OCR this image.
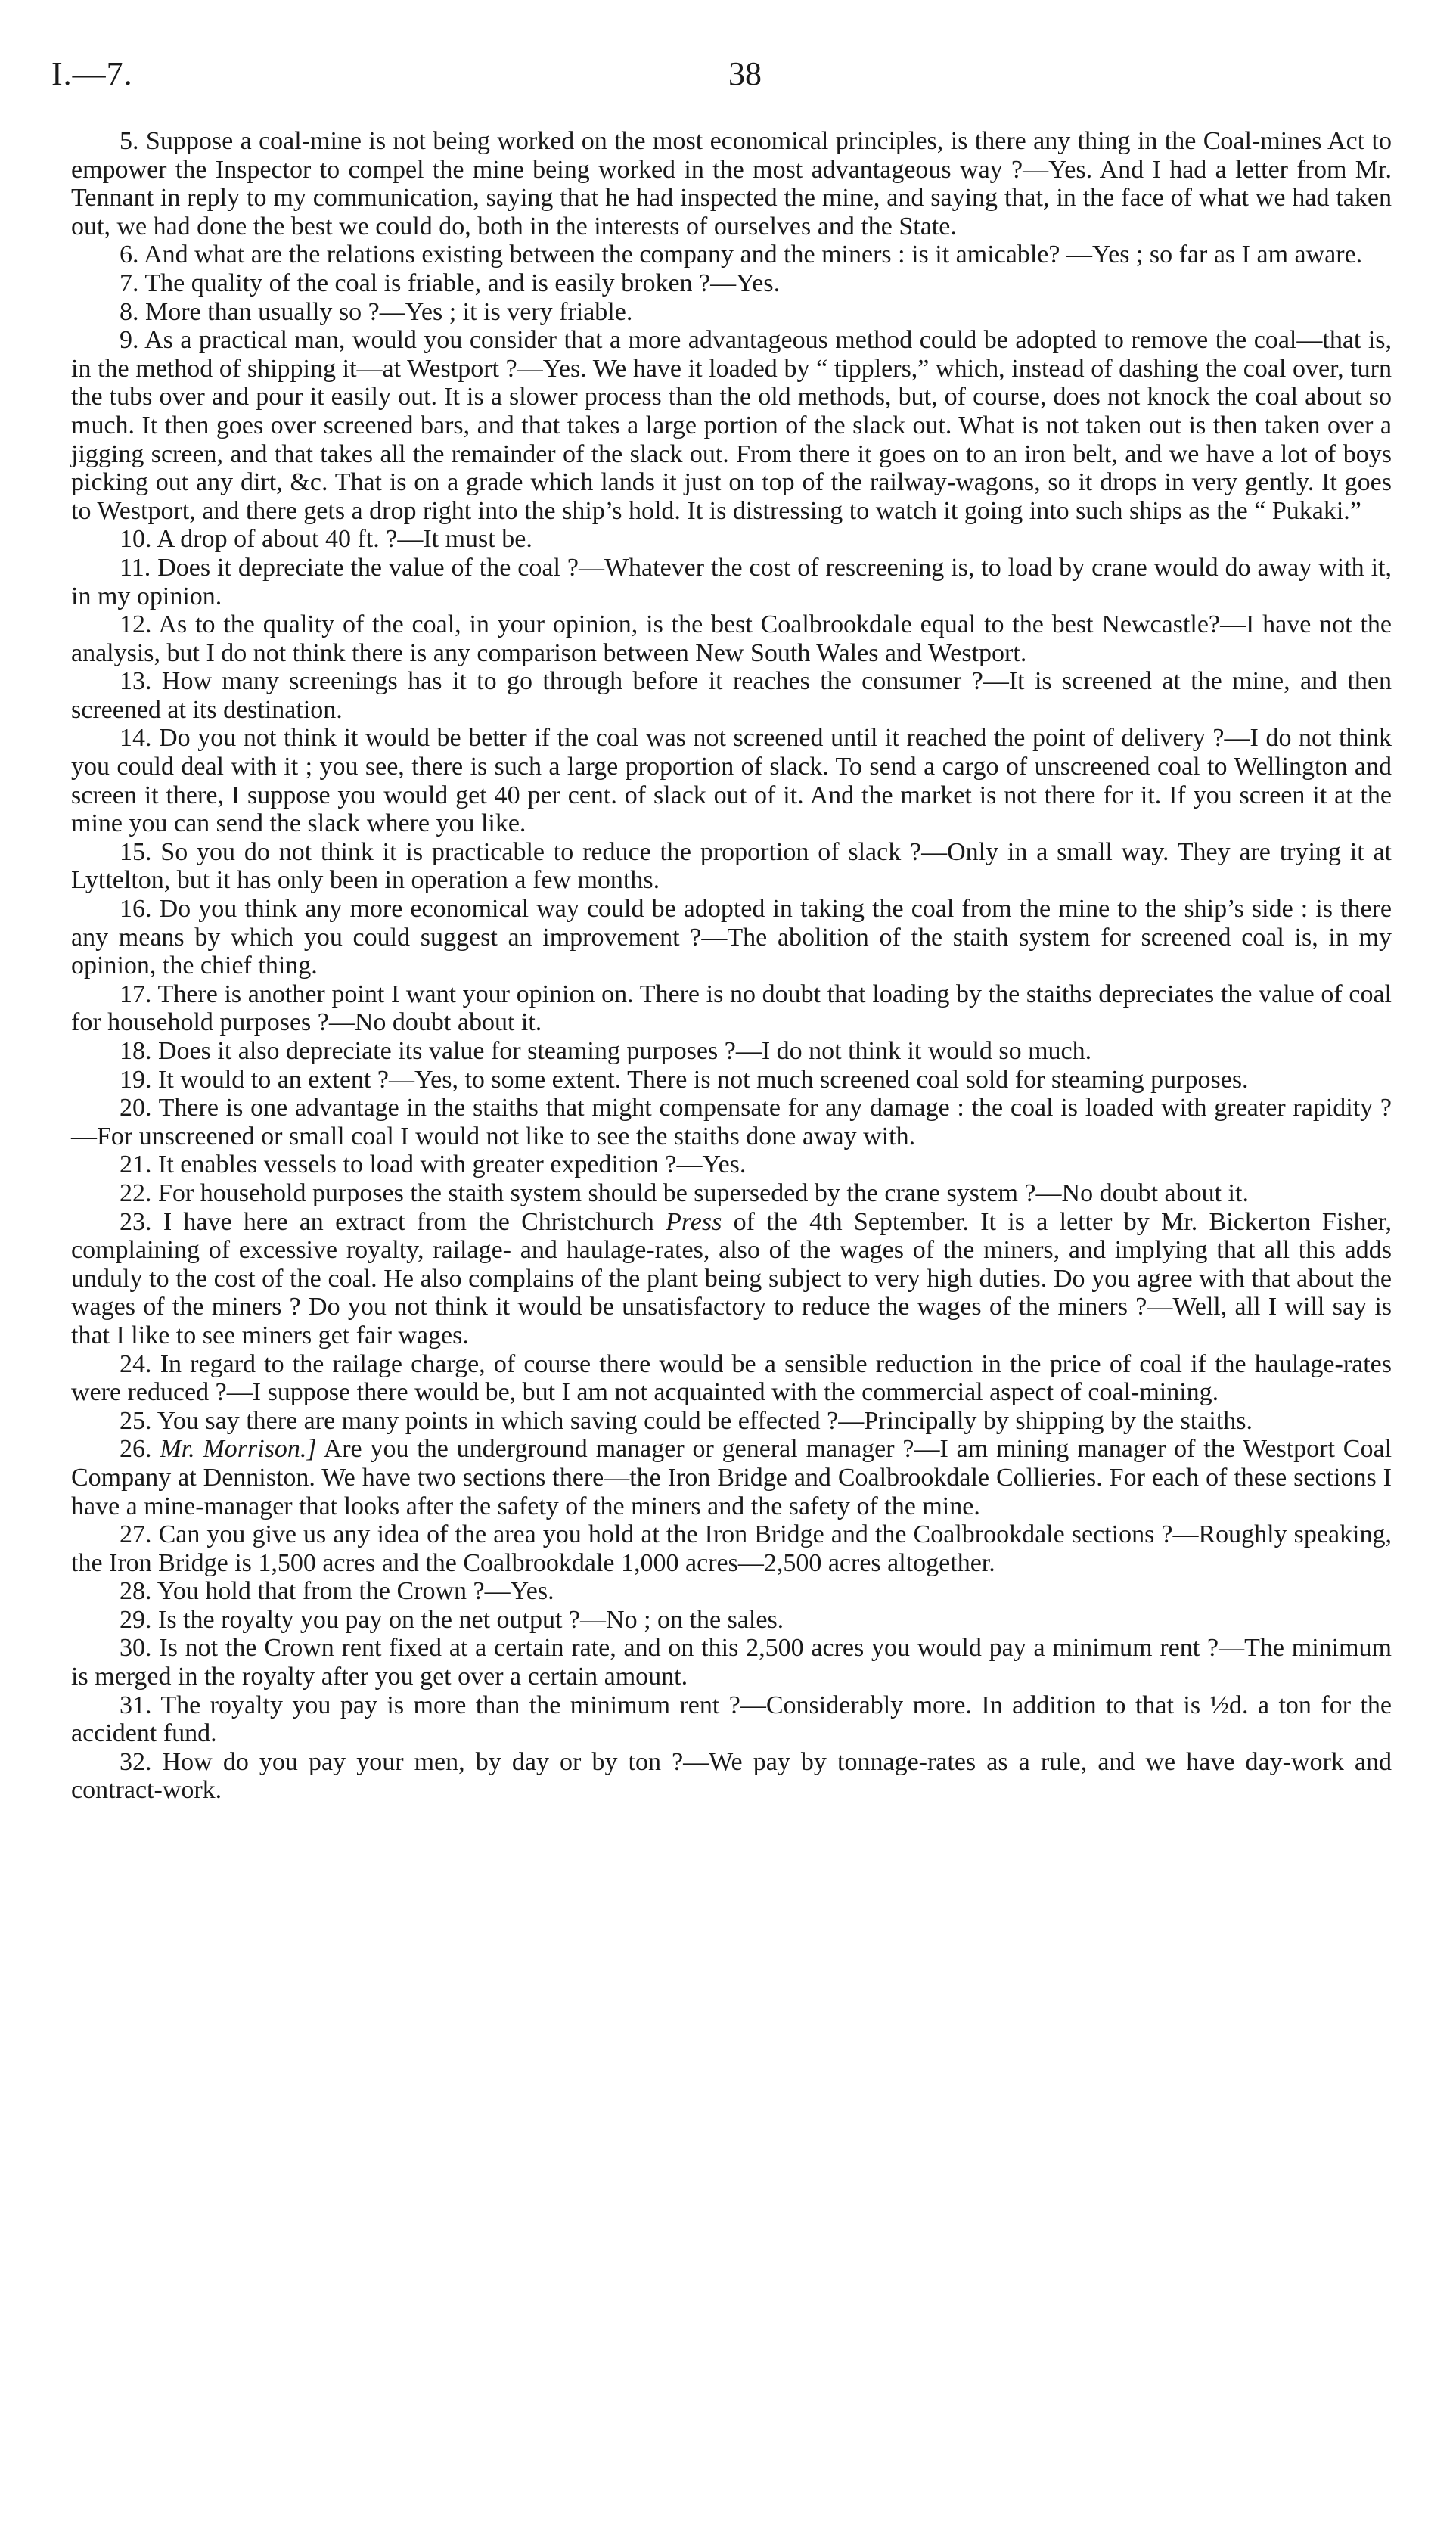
I.—7.	38

5. Suppose a coal-mine is not being worked on the most economical principles, is there any thing in the Coal-mines Act to empower the Inspector to compel the mine being worked in the most advantageous way ?—Yes. And I had a letter from Mr. Tennant in reply to my communication, saying that he had inspected the mine, and saying that, in the face of what we had taken out, we had done the best we could do, both in the interests of ourselves and the State.

6. And what are the relations existing between the company and the miners : is it amicable? —Yes ; so far as I am aware.

7. The quality of the coal is friable, and is easily broken ?—Yes.

8. More than usually so ?—Yes ; it is very friable.

9. As a practical man, would you consider that a more advantageous method could be adopted to remove the coal—that is, in the method of shipping it—at Westport ?—Yes. We have it loaded by “ tipplers,” which, instead of dashing the coal over, turn the tubs over and pour it easily out. It is a slower process than the old methods, but, of course, does not knock the coal about so much. It then goes over screened bars, and that takes a large portion of the slack out. What is not taken out is then taken over a jigging screen, and that takes all the remainder of the slack out. From there it goes on to an iron belt, and we have a lot of boys picking out any dirt, &c. That is on a grade which lands it just on top of the railway-wagons, so it drops in very gently. It goes to Westport, and there gets a drop right into the ship’s hold. It is distressing to watch it going into such ships as the “ Pukaki.”

10. A drop of about 40 ft. ?—It must be.

11. Does it depreciate the value of the coal ?—Whatever the cost of rescreening is, to load by crane would do away with it, in my opinion.

12. As to the quality of the coal, in your opinion, is the best Coalbrookdale equal to the best Newcastle?—I have not the analysis, but I do not think there is any comparison between New South Wales and Westport.

13. How many screenings has it to go through before it reaches the consumer ?—It is screened at the mine, and then screened at its destination.

14. Do you not think it would be better if the coal was not screened until it reached the point of delivery ?—I do not think you could deal with it ; you see, there is such a large proportion of slack. To send a cargo of unscreened coal to Wellington and screen it there, I suppose you would get 40 per cent. of slack out of it. And the market is not there for it. If you screen it at the mine you can send the slack where you like.

15. So you do not think it is practicable to reduce the proportion of slack ?—Only in a small way. They are trying it at Lyttelton, but it has only been in operation a few months.

16. Do you think any more economical way could be adopted in taking the coal from the mine to the ship’s side : is there any means by which you could suggest an improvement ?—The abolition of the staith system for screened coal is, in my opinion, the chief thing.

17. There is another point I want your opinion on. There is no doubt that loading by the staiths depreciates the value of coal for household purposes ?—No doubt about it.

18. Does it also depreciate its value for steaming purposes ?—I do not think it would so much.

19. It would to an extent ?—Yes, to some extent. There is not much screened coal sold for steaming purposes.

20. There is one advantage in the staiths that might compensate for any damage : the coal is loaded with greater rapidity ?—For unscreened or small coal I would not like to see the staiths done away with.

21. It enables vessels to load with greater expedition ?—Yes.

22. For household purposes the staith system should be superseded by the crane system ?—No doubt about it.

23. I have here an extract from the Christchurch Press of the 4th September. It is a letter by Mr. Bickerton Fisher, complaining of excessive royalty, railage- and haulage-rates, also of the wages of the miners, and implying that all this adds unduly to the cost of the coal. He also complains of the plant being subject to very high duties. Do you agree with that about the wages of the miners ? Do you not think it would be unsatisfactory to reduce the wages of the miners ?—Well, all I will say is that I like to see miners get fair wages.

24. In regard to the railage charge, of course there would be a sensible reduction in the price of coal if the haulage-rates were reduced ?—I suppose there would be, but I am not acquainted with the commercial aspect of coal-mining.

25. You say there are many points in which saving could be effected ?—Principally by shipping by the staiths.

26. Mr. Morrison.] Are you the underground manager or general manager ?—I am mining manager of the Westport Coal Company at Denniston. We have two sections there—the Iron Bridge and Coalbrookdale Collieries. For each of these sections I have a mine-manager that looks after the safety of the miners and the safety of the mine.

27. Can you give us any idea of the area you hold at the Iron Bridge and the Coalbrookdale sections ?—Roughly speaking, the Iron Bridge is 1,500 acres and the Coalbrookdale 1,000 acres—2,500 acres altogether.

28. You hold that from the Crown ?—Yes.

29. Is the royalty you pay on the net output ?—No ; on the sales.

30. Is not the Crown rent fixed at a certain rate, and on this 2,500 acres you would pay a minimum rent ?—The minimum is merged in the royalty after you get over a certain amount.

31. The royalty you pay is more than the minimum rent ?—Considerably more. In addition to that is ½d. a ton for the accident fund.

32. How do you pay your men, by day or by ton ?—We pay by tonnage-rates as a rule, and we have day-work and contract-work.
